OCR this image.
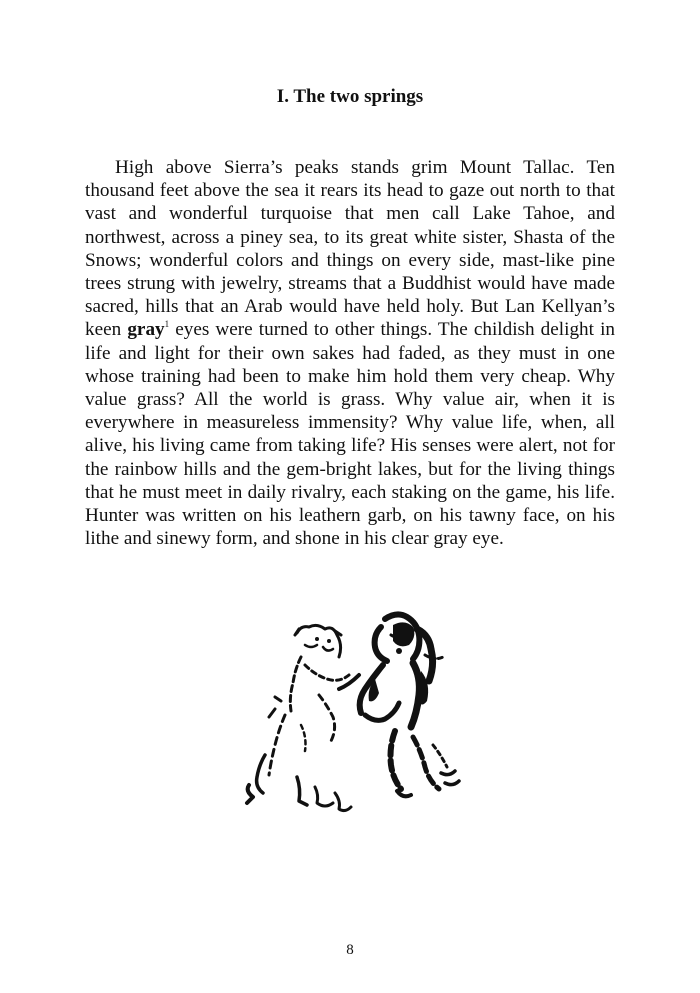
I. The two springs

High above Sierra’s peaks stands grim Mount Tallac. Ten thousand feet above the sea it rears its head to gaze out north to that vast and wonderful turquoise that men call Lake Tahoe, and northwest, across a piney sea, to its great white sister, Shasta of the Snows; wonderful colors and things on every side, mast-like pine trees strung with jewelry, streams that a Buddhist would have made sacred, hills that an Arab would have held holy. But Lan Kellyan’s keen gray$^1$ eyes were turned to other things. The childish delight in life and light for their own sakes had faded, as they must in one whose training had been to make him hold them very cheap. Why value grass? All the world is grass. Why value air, when it is everywhere in measureless immensity? Why value life, when, all alive, his living came from taking life? His senses were alert, not for the rainbow hills and the gem-bright lakes, but for the living things that he must meet in daily rivalry, each staking on the game, his life. Hunter was written on his leathern garb, on his tawny face, on his lithe and sinewy form, and shone in his clear gray eye.

8
